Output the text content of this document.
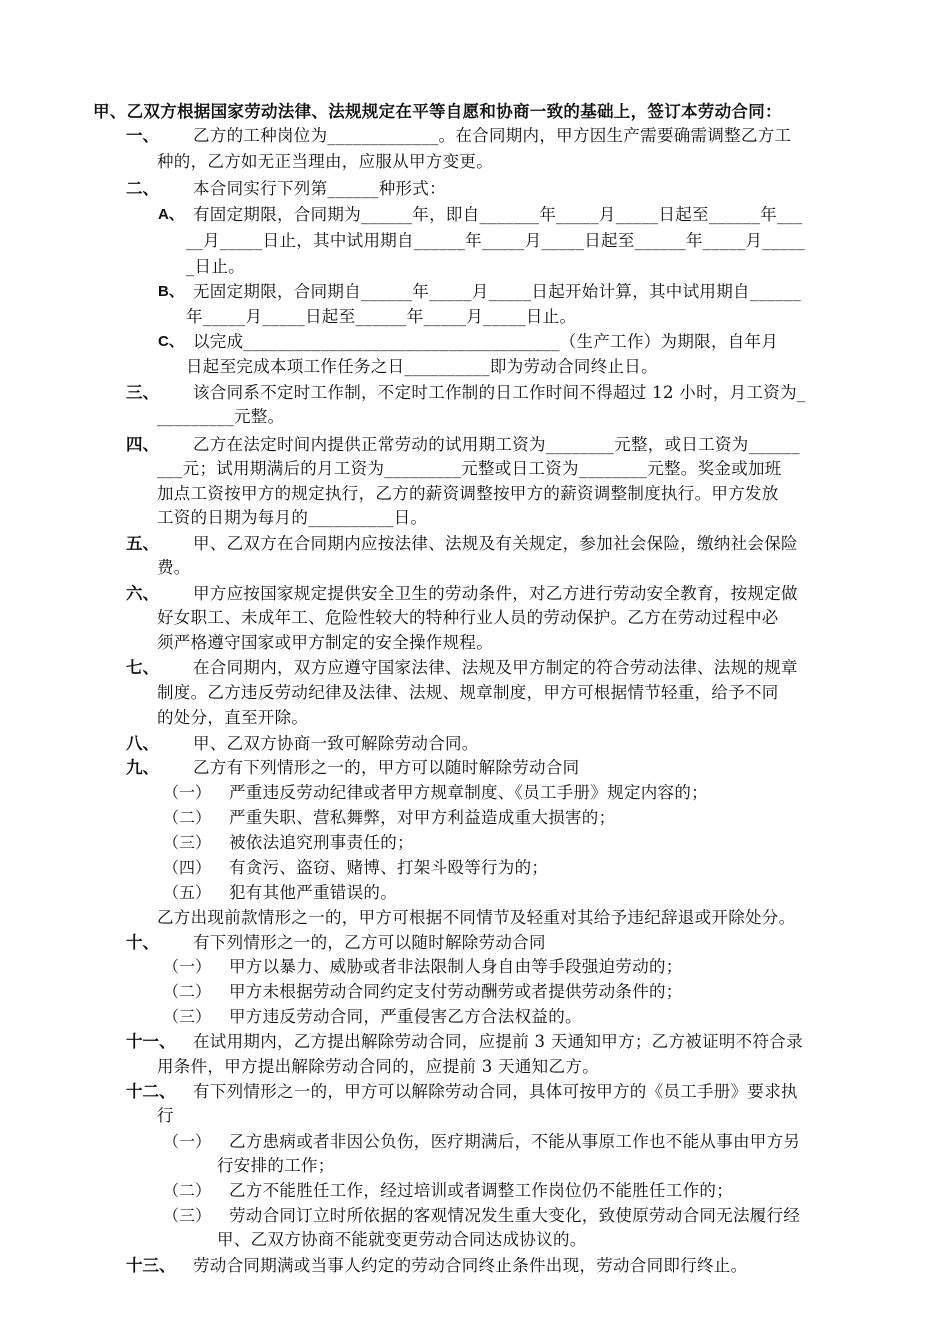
甲、乙双方根据国家劳动法律、法规规定在平等自愿和协商一致的基础上，签订本劳动合同：
一、 乙方的工种岗位为_____________。在合同期内，甲方因生产需要确需调整乙方工
种的，乙方如无正当理由，应服从甲方变更。
二、 本合同实行下列第______种形式：
A、 有固定期限，合同期为______年，即自_______年_____月_____日起至______年___
__月_____日止，其中试用期自______年_____月_____日起至______年_____月_____
_日止。
B、 无固定期限，合同期自______年_____月_____日起开始计算，其中试用期自______
年_____月_____日起至______年_____月_____日止。
C、 以完成_____________________________________（生产工作）为期限，自年月
日起至完成本项工作任务之日__________即为劳动合同终止日。
三、 该合同系不定时工作制，不定时工作制的日工作时间不得超过 12 小时，月工资为_
_________元整。
四、 乙方在法定时间内提供正常劳动的试用期工资为________元整，或日工资为______
___元；试用期满后的月工资为_________元整或日工资为________元整。奖金或加班
加点工资按甲方的规定执行，乙方的薪资调整按甲方的薪资调整制度执行。甲方发放
工资的日期为每月的__________日。
五、 甲、乙双方在合同期内应按法律、法规及有关规定，参加社会保险，缴纳社会保险
费。
六、 甲方应按国家规定提供安全卫生的劳动条件，对乙方进行劳动安全教育，按规定做
好女职工、未成年工、危险性较大的特种行业人员的劳动保护。乙方在劳动过程中必
须严格遵守国家或甲方制定的安全操作规程。
七、 在合同期内，双方应遵守国家法律、法规及甲方制定的符合劳动法律、法规的规章
制度。乙方违反劳动纪律及法律、法规、规章制度，甲方可根据情节轻重，给予不同
的处分，直至开除。
八、 甲、乙双方协商一致可解除劳动合同。
九、 乙方有下列情形之一的，甲方可以随时解除劳动合同
（一） 严重违反劳动纪律或者甲方规章制度、《员工手册》规定内容的；
（二） 严重失职、营私舞弊，对甲方利益造成重大损害的；
（三） 被依法追究刑事责任的；
（四） 有贪污、盗窃、赌博、打架斗殴等行为的；
（五） 犯有其他严重错误的。
乙方出现前款情形之一的，甲方可根据不同情节及轻重对其给予违纪辞退或开除处分。
十、 有下列情形之一的，乙方可以随时解除劳动合同
（一） 甲方以暴力、威胁或者非法限制人身自由等手段强迫劳动的；
（二） 甲方未根据劳动合同约定支付劳动酬劳或者提供劳动条件的；
（三） 甲方违反劳动合同，严重侵害乙方合法权益的。
十一、 在试用期内，乙方提出解除劳动合同，应提前 3 天通知甲方；乙方被证明不符合录
用条件，甲方提出解除劳动合同的，应提前 3 天通知乙方。
十二、 有下列情形之一的，甲方可以解除劳动合同，具体可按甲方的《员工手册》要求执
行
（一） 乙方患病或者非因公负伤，医疗期满后，不能从事原工作也不能从事由甲方另
行安排的工作；
（二） 乙方不能胜任工作，经过培训或者调整工作岗位仍不能胜任工作的；
（三） 劳动合同订立时所依据的客观情况发生重大变化，致使原劳动合同无法履行经
甲、乙双方协商不能就变更劳动合同达成协议的。
十三、 劳动合同期满或当事人约定的劳动合同终止条件出现，劳动合同即行终止。
